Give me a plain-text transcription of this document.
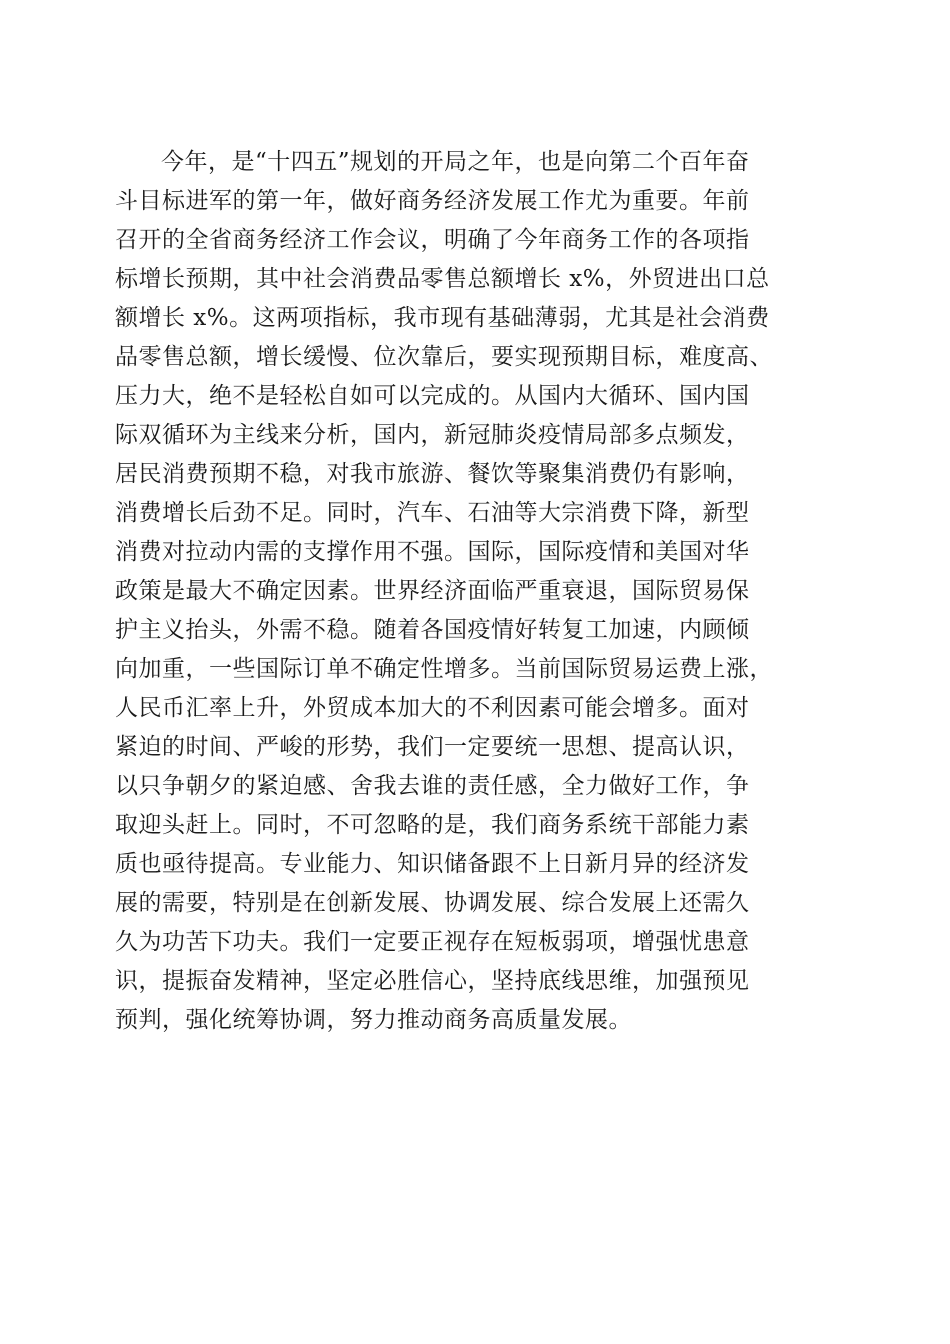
今年，是“十四五”规划的开局之年，也是向第二个百年奋
斗目标进军的第一年，做好商务经济发展工作尤为重要。年前
召开的全省商务经济工作会议，明确了今年商务工作的各项指
标增长预期，其中社会消费品零售总额增长 x%，外贸进出口总
额增长 x%。这两项指标，我市现有基础薄弱，尤其是社会消费
品零售总额，增长缓慢、位次靠后，要实现预期目标，难度高、
压力大，绝不是轻松自如可以完成的。从国内大循环、国内国
际双循环为主线来分析，国内，新冠肺炎疫情局部多点频发，
居民消费预期不稳，对我市旅游、餐饮等聚集消费仍有影响，
消费增长后劲不足。同时，汽车、石油等大宗消费下降，新型
消费对拉动内需的支撑作用不强。国际，国际疫情和美国对华
政策是最大不确定因素。世界经济面临严重衰退，国际贸易保
护主义抬头，外需不稳。随着各国疫情好转复工加速，内顾倾
向加重，一些国际订单不确定性增多。当前国际贸易运费上涨，
人民币汇率上升，外贸成本加大的不利因素可能会增多。面对
紧迫的时间、严峻的形势，我们一定要统一思想、提高认识，
以只争朝夕的紧迫感、舍我去谁的责任感，全力做好工作，争
取迎头赶上。同时，不可忽略的是，我们商务系统干部能力素
质也亟待提高。专业能力、知识储备跟不上日新月异的经济发
展的需要，特别是在创新发展、协调发展、综合发展上还需久
久为功苦下功夫。我们一定要正视存在短板弱项，增强忧患意
识，提振奋发精神，坚定必胜信心，坚持底线思维，加强预见
预判，强化统筹协调，努力推动商务高质量发展。
